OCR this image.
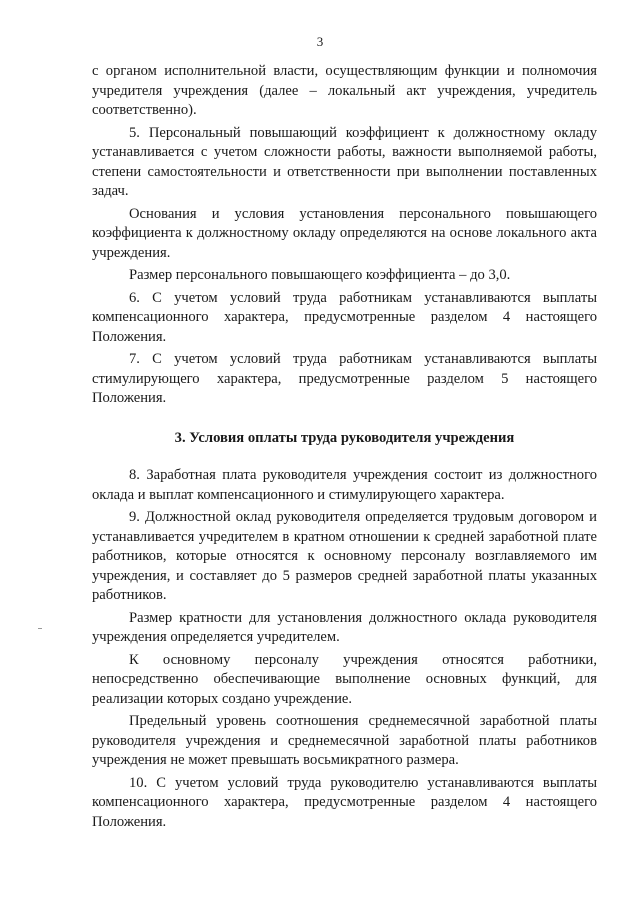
3

с органом исполнительной власти, осуществляющим функции и полномочия учредителя учреждения (далее – локальный акт учреждения, учредитель соответственно).

5. Персональный повышающий коэффициент к должностному окладу устанавливается с учетом сложности работы, важности выполняемой работы, степени самостоятельности и ответственности при выполнении поставленных задач.

Основания и условия установления персонального повышающего коэффициента к должностному окладу определяются на основе локального акта учреждения.

Размер персонального повышающего коэффициента – до 3,0.

6. С учетом условий труда работникам устанавливаются выплаты компенсационного характера, предусмотренные разделом 4 настоящего Положения.

7. С учетом условий труда работникам устанавливаются выплаты стимулирующего характера, предусмотренные разделом 5 настоящего Положения.

3. Условия оплаты труда руководителя учреждения

8. Заработная плата руководителя учреждения состоит из должностного оклада и выплат компенсационного и стимулирующего характера.

9. Должностной оклад руководителя определяется трудовым договором и устанавливается учредителем в кратном отношении к средней заработной плате работников, которые относятся к основному персоналу возглавляемого им учреждения, и составляет до 5 размеров средней заработной платы указанных работников.

Размер кратности для установления должностного оклада руководителя учреждения определяется учредителем.

К основному персоналу учреждения относятся работники, непосредственно обеспечивающие выполнение основных функций, для реализации которых создано учреждение.

Предельный уровень соотношения среднемесячной заработной платы руководителя учреждения и среднемесячной заработной платы работников учреждения не может превышать восьмикратного размера.

10. С учетом условий труда руководителю устанавливаются выплаты компенсационного характера, предусмотренные разделом 4 настоящего Положения.
